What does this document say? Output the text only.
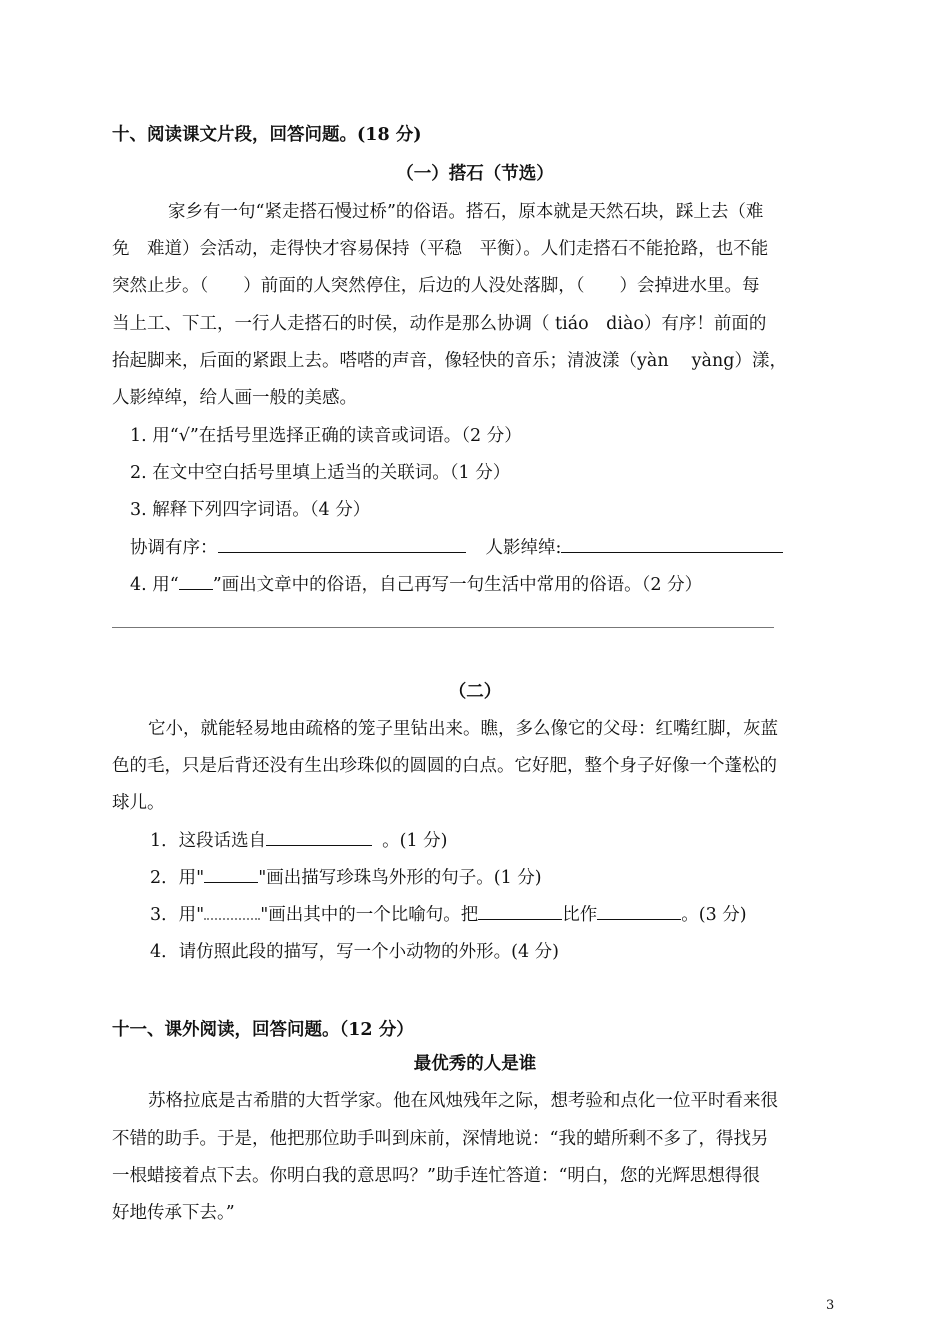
十、阅读课文片段，回答问题。(18 分)
（一）搭石（节选）
家乡有一句“紧走搭石慢过桥”的俗语。搭石，原本就是天然石块，踩上去（难
免　难道）会活动，走得快才容易保持（平稳　平衡）。人们走搭石不能抢路，也不能
突然止步。（　　）前面的人突然停住，后边的人没处落脚，（　　）会掉进水里。每
当上工、下工，一行人走搭石的时侯，动作是那么协调（ tiáo　diào）有序！前面的
抬起脚来，后面的紧跟上去。嗒嗒的声音，像轻快的音乐；清波漾（yàn　 yàng）漾，
人影绰绰，给人画一般的美感。
1. 用“√”在括号里选择正确的读音或词语。（2 分）
2. 在文中空白括号里填上适当的关联词。（1 分）
3. 解释下列四字词语。（4 分）
协调有序：	人影绰绰:
4. 用“ ”画出文章中的俗语，自己再写一句生活中常用的俗语。（2 分）
（二）
它小，就能轻易地由疏格的笼子里钻出来。瞧，多么像它的父母：红嘴红脚，灰蓝
色的毛，只是后背还没有生出珍珠似的圆圆的白点。它好肥，整个身子好像一个蓬松的
球儿。
1．这段话选自	。(1 分)
2．用"	"画出描写珍珠鸟外形的句子。(1 分)
3．用"	"画出其中的一个比喻句。把	比作	。(3 分)
4．请仿照此段的描写，写一个小动物的外形。(4 分)
十一、课外阅读，回答问题。（12 分）
最优秀的人是谁
苏格拉底是古希腊的大哲学家。他在风烛残年之际，想考验和点化一位平时看来很
不错的助手。于是，他把那位助手叫到床前，深情地说：“我的蜡所剩不多了，得找另
一根蜡接着点下去。你明白我的意思吗？”助手连忙答道：“明白，您的光辉思想得很
好地传承下去。”
3
